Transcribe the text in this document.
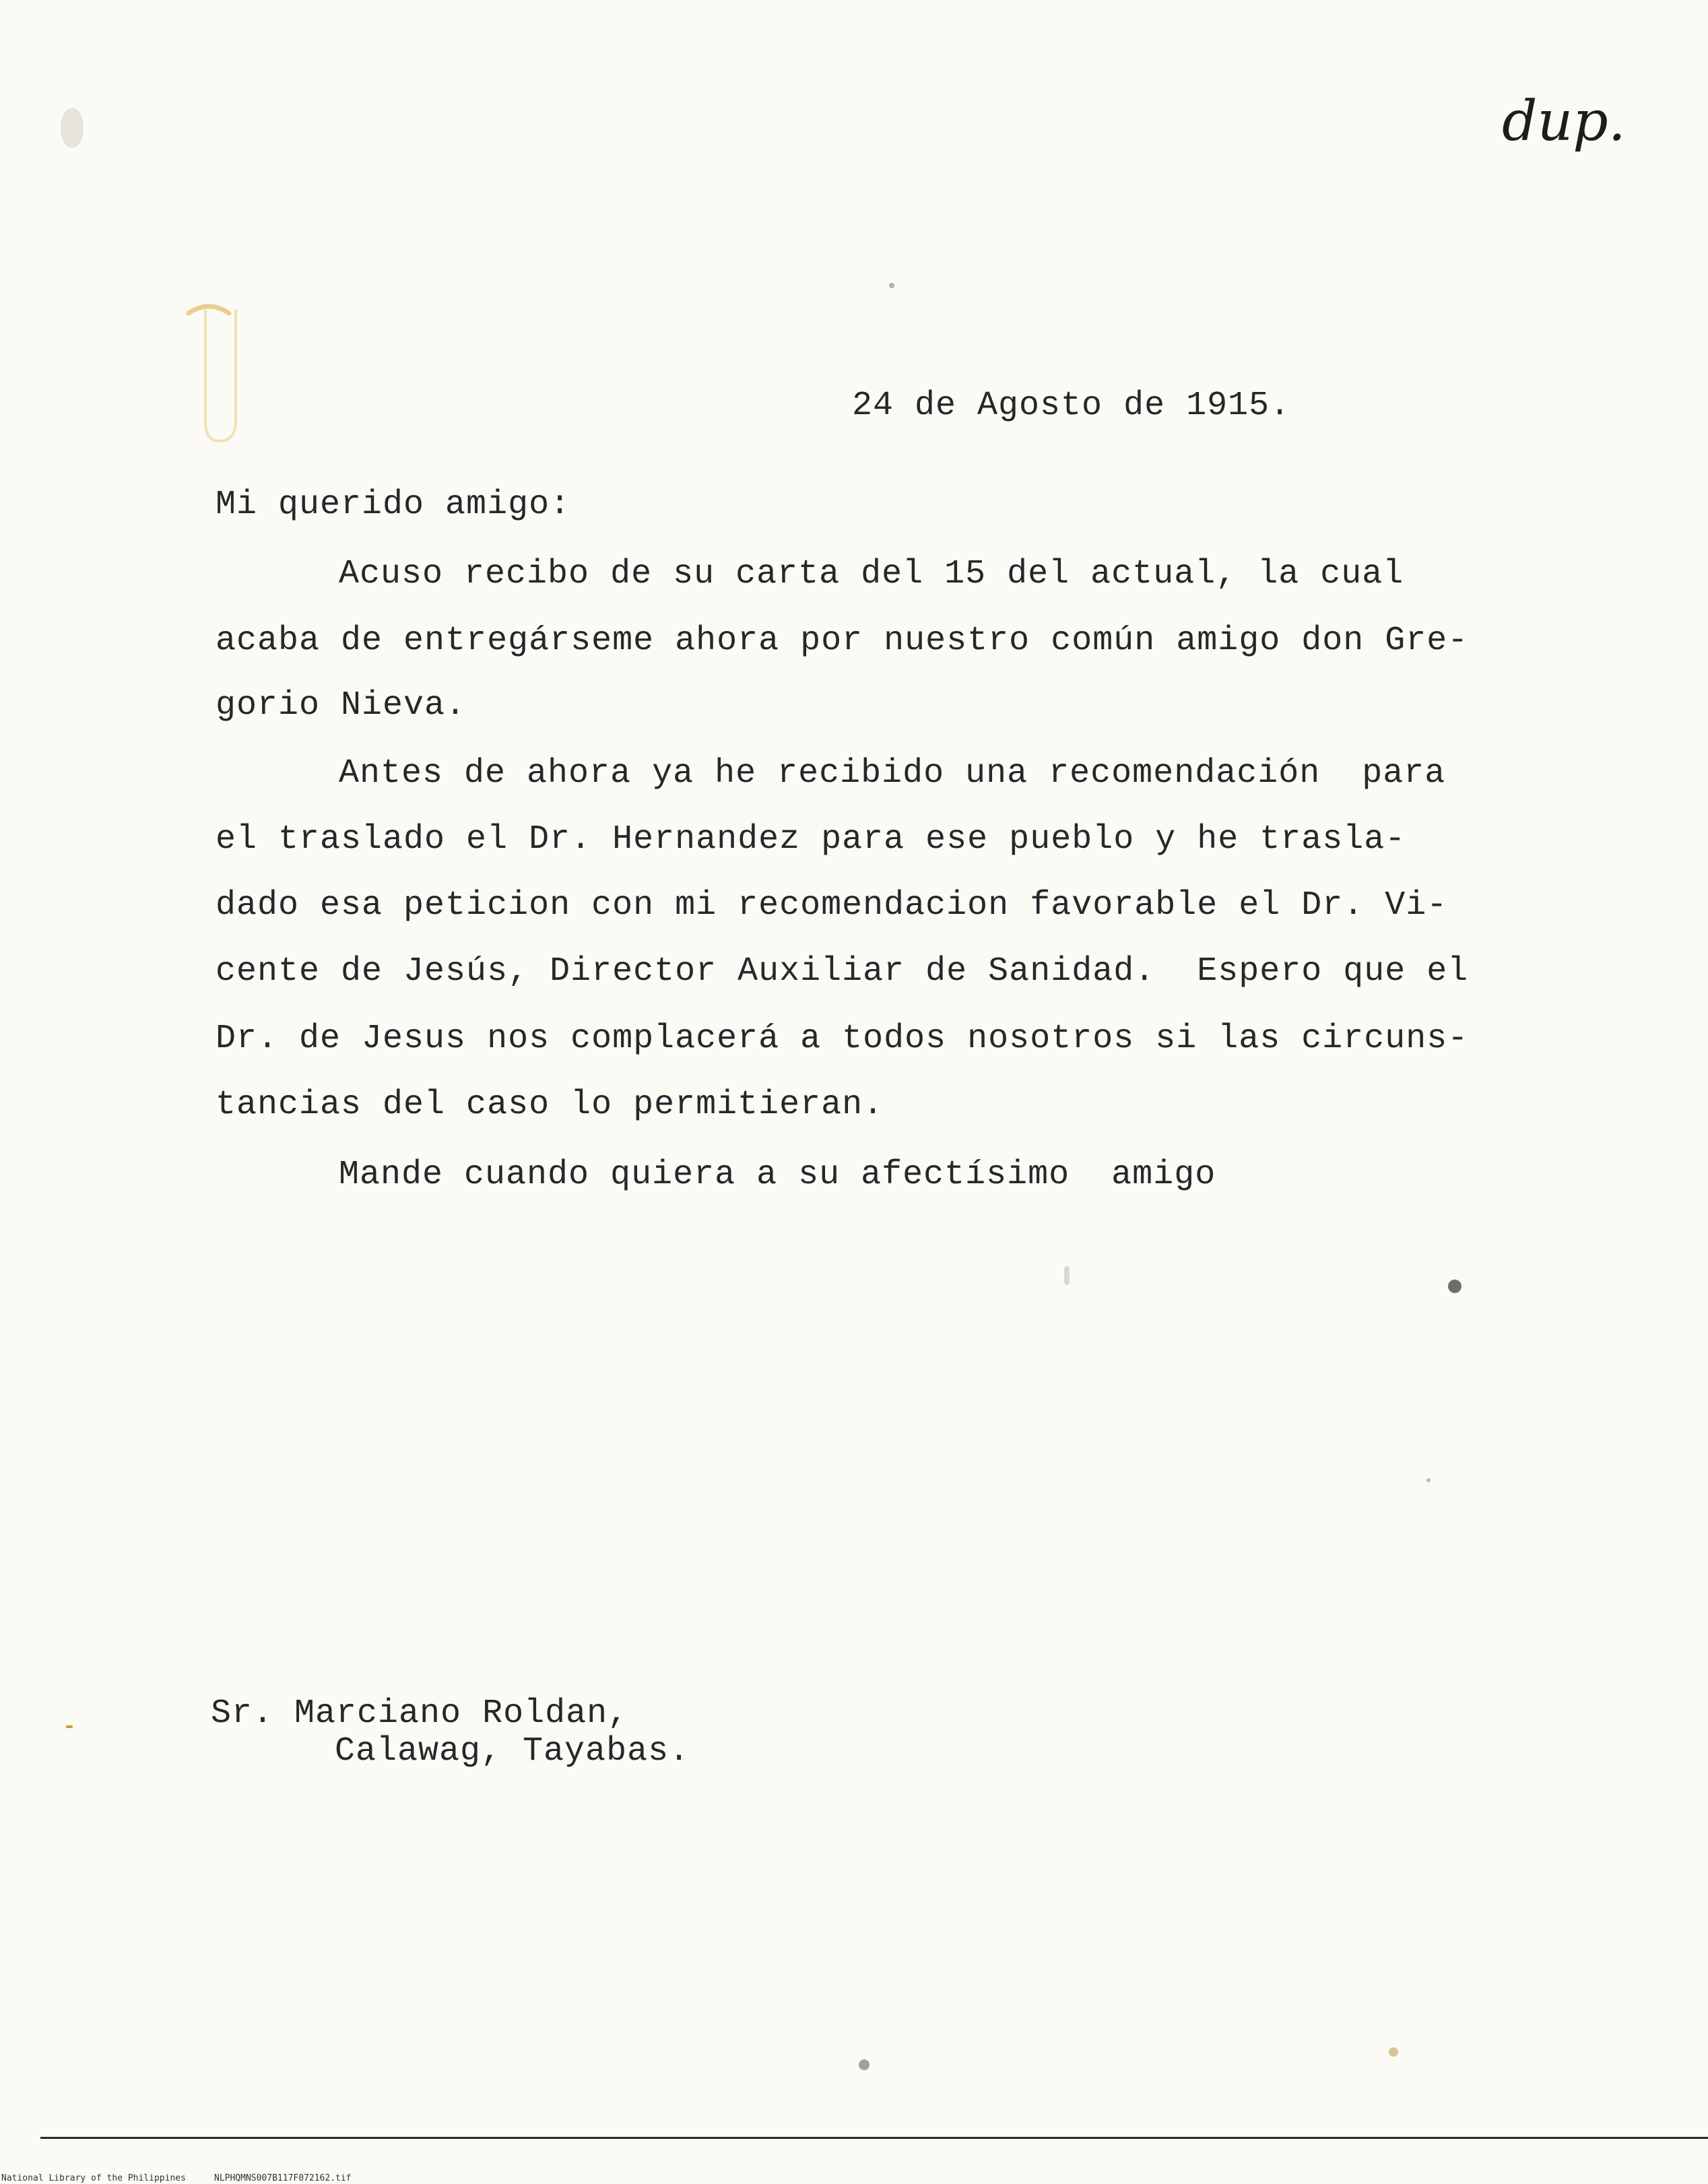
dup.
24 de Agosto de 1915.
Mi querido amigo:
Acuso recibo de su carta del 15 del actual, la cual
acaba de entregárseme ahora por nuestro común amigo don Gre-
gorio Nieva.
Antes de ahora ya he recibido una recomendación  para
el traslado el Dr. Hernandez para ese pueblo y he trasla-
dado esa peticion con mi recomendacion favorable el Dr. Vi-
cente de Jesús, Director Auxiliar de Sanidad.  Espero que el
Dr. de Jesus nos complacerá a todos nosotros si las circuns-
tancias del caso lo permitieran.
Mande cuando quiera a su afectísimo  amigo
Sr. Marciano Roldan,
Calawag, Tayabas.
National Library of the Philippines	NLPHQMNS007B117F072162.tif
